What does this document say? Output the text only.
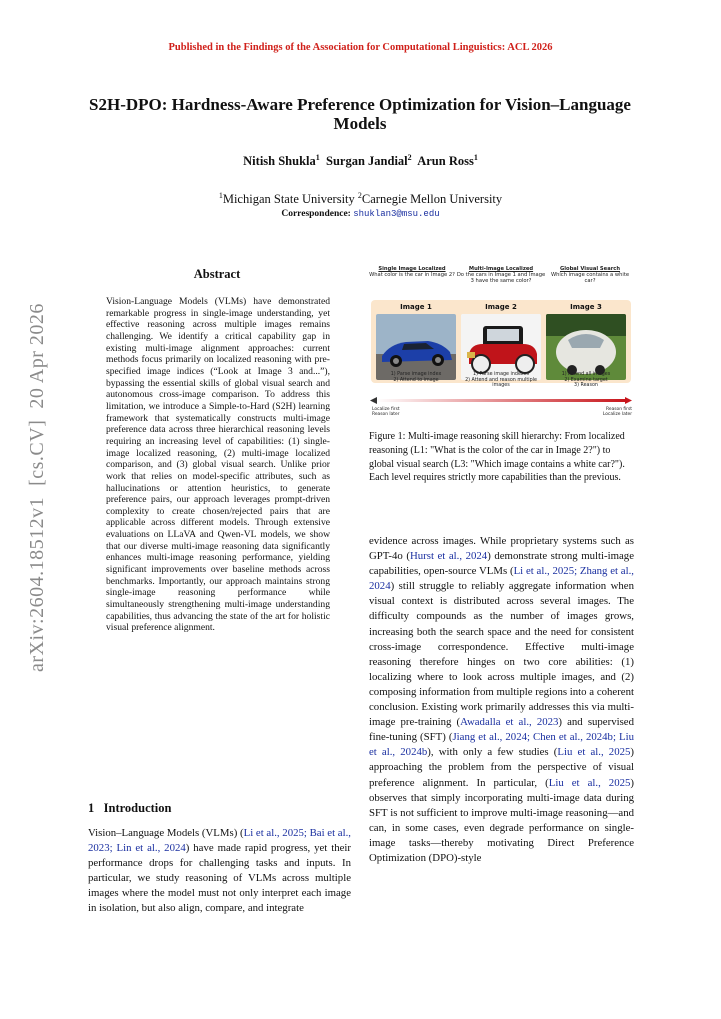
Published in the Findings of the Association for Computational Linguistics: ACL 2026
S2H-DPO: Hardness-Aware Preference Optimization for Vision–Language Models
Nitish Shukla$^1$ Surgan Jandial$^2$ Arun Ross$^1$
$^1$Michigan State University $^2$Carnegie Mellon University
Correspondence: shuklan3@msu.edu
arXiv:2604.18512v1  [cs.CV]  20 Apr 2026
Abstract
Vision-Language Models (VLMs) have demonstrated remarkable progress in single-image understanding, yet effective reasoning across multiple images remains challenging. We identify a critical capability gap in existing multi-image alignment approaches: current methods focus primarily on localized reasoning with pre-specified image indices (“Look at Image 3 and...”), bypassing the essential skills of global visual search and autonomous cross-image comparison. To address this limitation, we introduce a Simple-to-Hard (S2H) learning framework that systematically constructs multi-image preference data across three hierarchical reasoning levels requiring an increasing level of capabilities: (1) single-image localized reasoning, (2) multi-image localized comparison, and (3) global visual search. Unlike prior work that relies on model-specific attributes, such as hallucinations or attention heuristics, to generate preference pairs, our approach leverages prompt-driven complexity to create chosen/rejected pairs that are applicable across different models. Through extensive evaluations on LLaVA and Qwen-VL models, we show that our diverse multi-image reasoning data significantly enhances multi-image reasoning performance, yielding significant improvements over baseline methods across benchmarks. Importantly, our approach maintains strong single-image reasoning performance while simultaneously strengthening multi-image understanding capabilities, thus advancing the state of the art for holistic visual preference alignment.
1 Introduction
Vision–Language Models (VLMs) (Li et al., 2025; Bai et al., 2023; Lin et al., 2024) have made rapid progress, yet their performance drops for challenging tasks and inputs. In particular, we study reasoning of VLMs across multiple images where the model must not only interpret each image in isolation, but also align, compare, and integrate
evidence across images. While proprietary systems such as GPT-4o (Hurst et al., 2024) demonstrate strong multi-image capabilities, open-source VLMs (Li et al., 2025; Zhang et al., 2024) still struggle to reliably aggregate information when visual context is distributed across several images. The difficulty compounds as the number of images grows, increasing both the search space and the need for consistent cross-image correspondence. Effective multi-image reasoning therefore hinges on two core abilities: (1) localizing where to look across multiple images, and (2) composing information from multiple regions into a coherent conclusion. Existing work primarily addresses this via multi-image pre-training (Awadalla et al., 2023) and supervised fine-tuning (SFT) (Jiang et al., 2024; Chen et al., 2024b; Liu et al., 2024b), with only a few studies (Liu et al., 2025) approaching the problem from the perspective of visual preference alignment. In particular, (Liu et al., 2025) observes that simply incorporating multi-image data during SFT is not sufficient to improve multi-image reasoning—and can, in some cases, even degrade performance on single-image tasks—thereby motivating Direct Preference Optimization (DPO)-style
Single Image Localized
What color is the car in Image 2?
Multi-Image Localized
Do the cars in Image 1 and Image 3 have the same color?
Global Visual Search
Which image contains a white car?
Image 1	Image 2	Image 3
1) Parse image index
2) Attend to image
1) Parse image indexes
2) Attend and reason multiple images
1) Attend all images
2) Examine target
3) Reason
Localize first
Reason later
Reason first
Localize later
Figure 1: Multi-image reasoning skill hierarchy: From localized reasoning (L1: "What is the color of the car in Image 2?") to global visual search (L3: "Which image contains a white car?"). Each level requires strictly more capabilities than the previous.
